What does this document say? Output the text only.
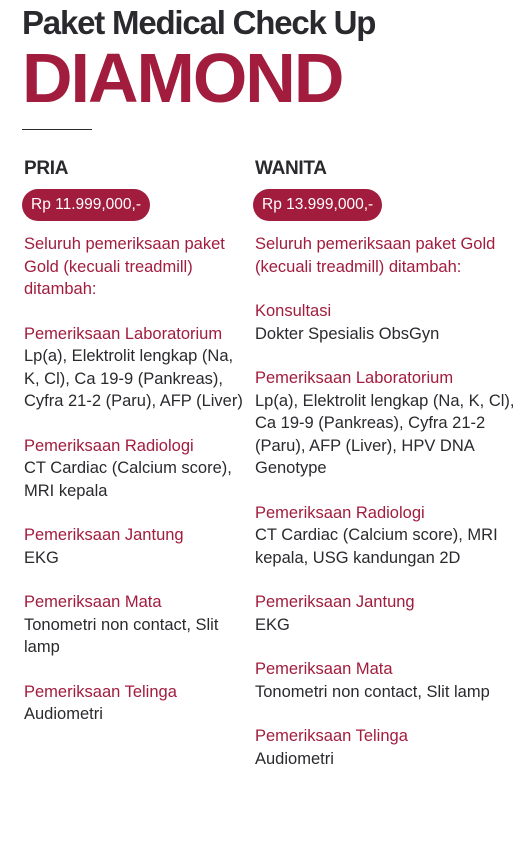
Paket Medical Check Up
DIAMOND
PRIA
Rp 11.999,000,-
Seluruh pemeriksaan paket Gold (kecuali treadmill) ditambah:
Pemeriksaan Laboratorium
Lp(a), Elektrolit lengkap (Na, K, Cl), Ca 19-9 (Pankreas), Cyfra 21-2 (Paru), AFP (Liver)
Pemeriksaan Radiologi
CT Cardiac (Calcium score), MRI kepala
Pemeriksaan Jantung
EKG
Pemeriksaan Mata
Tonometri non contact, Slit lamp
Pemeriksaan Telinga
Audiometri
WANITA
Rp 13.999,000,-
Seluruh pemeriksaan paket Gold (kecuali treadmill) ditambah:
Konsultasi
Dokter Spesialis ObsGyn
Pemeriksaan Laboratorium
Lp(a), Elektrolit lengkap (Na, K, Cl), Ca 19-9 (Pankreas), Cyfra 21-2 (Paru), AFP (Liver), HPV DNA Genotype
Pemeriksaan Radiologi
CT Cardiac (Calcium score), MRI kepala, USG kandungan 2D
Pemeriksaan Jantung
EKG
Pemeriksaan Mata
Tonometri non contact, Slit lamp
Pemeriksaan Telinga
Audiometri
